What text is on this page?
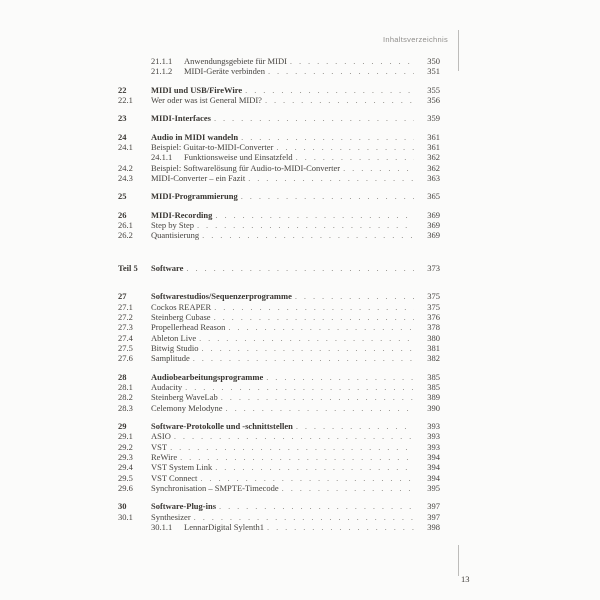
Inhaltsverzeichnis
21.1.1 Anwendungsgebiete für MIDI . . .	350
21.1.2 MIDI-Geräte verbinden . . .	351
22	MIDI und USB/FireWire . . .	355
22.1	Wer oder was ist General MIDI? . . .	356
23	MIDI-Interfaces . . .	359
24	Audio in MIDI wandeln . . .	361
24.1	Beispiel: Guitar-to-MIDI-Converter . . .	361
24.1.1 Funktionsweise und Einsatzfeld . . .	362
24.2	Beispiel: Softwarelösung für Audio-to-MIDI-Converter . . .	362
24.3	MIDI-Converter – ein Fazit . . .	363
25	MIDI-Programmierung . . .	365
26	MIDI-Recording . . .	369
26.1	Step by Step . . .	369
26.2	Quantisierung . . .	369
Teil 5	Software . . .	373
27	Softwarestudios/Sequenzerprogramme . . .	375
27.1	Cockos REAPER . . .	375
27.2	Steinberg Cubase . . .	376
27.3	Propellerhead Reason . . .	378
27.4	Ableton Live . . .	380
27.5	Bitwig Studio . . .	381
27.6	Samplitude . . .	382
28	Audiobearbeitungsprogramme . . .	385
28.1	Audacity . . .	385
28.2	Steinberg WaveLab . . .	389
28.3	Celemony Melodyne . . .	390
29	Software-Protokolle und -schnittstellen . . .	393
29.1	ASIO . . .	393
29.2	VST . . .	393
29.3	ReWire . . .	394
29.4	VST System Link . . .	394
29.5	VST Connect . . .	394
29.6	Synchronisation – SMPTE-Timecode . . .	395
30	Software-Plug-ins . . .	397
30.1	Synthesizer . . .	397
30.1.1 LennarDigital Sylenth1 . . .	398
13
